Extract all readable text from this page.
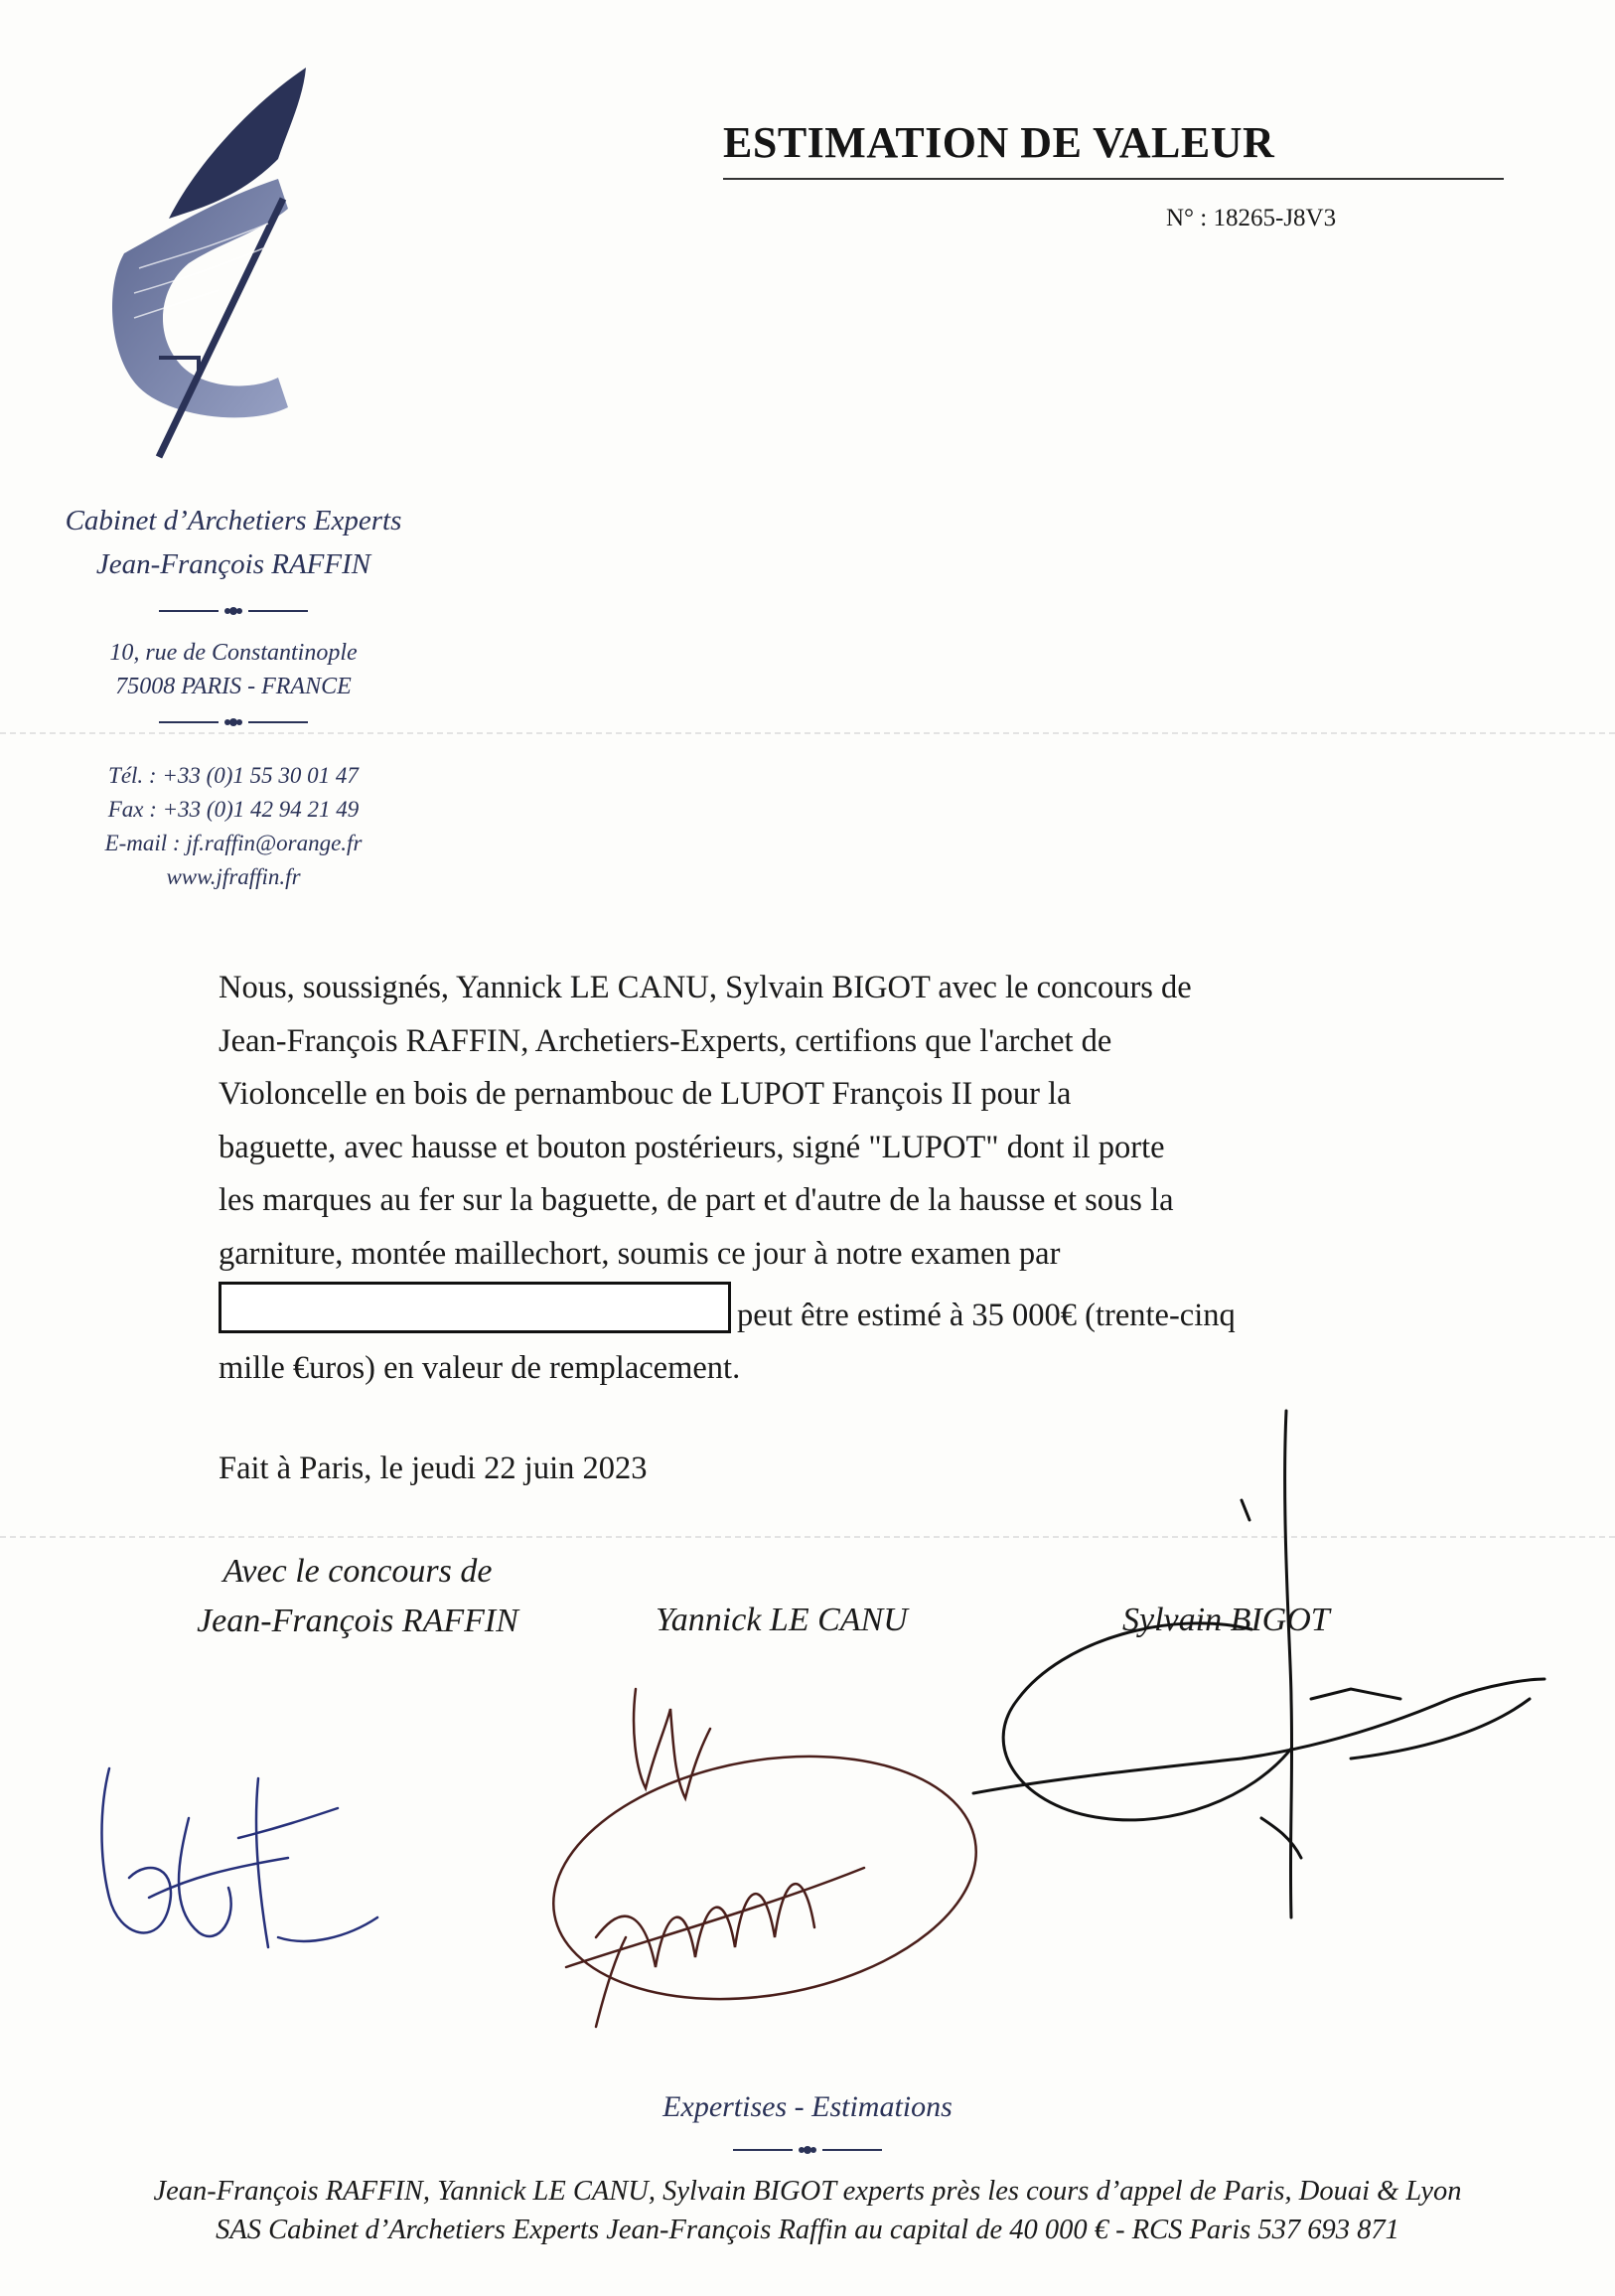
Cabinet d’Archetiers Experts
Jean-François RAFFIN
10, rue de Constantinople
75008 PARIS - FRANCE
Tél. : +33 (0)1 55 30 01 47
Fax : +33 (0)1 42 94 21 49
E-mail : jf.raffin@orange.fr
www.jfraffin.fr
ESTIMATION DE VALEUR
N° : 18265-J8V3
Nous, soussignés, Yannick LE CANU, Sylvain BIGOT avec le concours de
Jean-François RAFFIN, Archetiers-Experts, certifions que l'archet de
Violoncelle en bois de pernambouc de LUPOT François II pour la
baguette, avec hausse et bouton postérieurs, signé "LUPOT" dont il porte
les marques au fer sur la baguette, de part et d'autre de la hausse et sous la
garniture, montée maillechort, soumis ce jour à notre examen par
peut être estimé à 35 000€ (trente-cinq
mille €uros) en valeur de remplacement.
Fait à Paris, le jeudi 22 juin 2023
Avec le concours de
Jean-François RAFFIN	Yannick LE CANU	Sylvain BIGOT
Expertises - Estimations
Jean-François RAFFIN, Yannick LE CANU, Sylvain BIGOT experts près les cours d’appel de Paris, Douai & Lyon
SAS Cabinet d’Archetiers Experts Jean-François Raffin au capital de 40 000 € - RCS Paris 537 693 871
